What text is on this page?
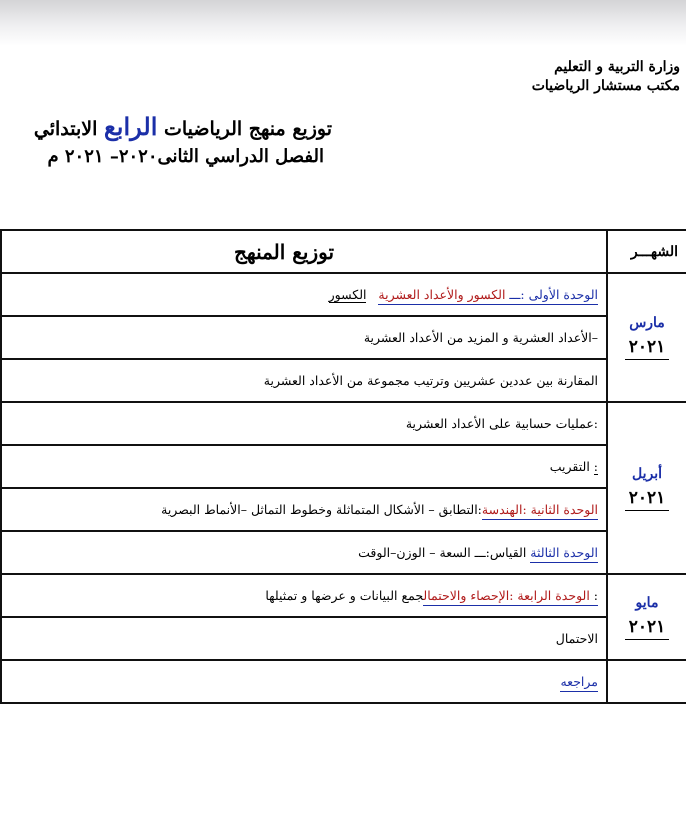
وزارة التربية و التعليم
مكتب مستشار الرياضيات
توزيع منهج الرياضيات الرابع الابتدائي
الفصل الدراسي الثانى٢٠٢٠– ٢٠٢١ م
الشهـــر	توزيع المنهج

مارس
٢٠٢١	الوحدة الأولى :ـــ الكسور والأعداد العشرية   الكسور
	–الأعداد العشرية و المزيد من الأعداد العشرية
	المقارنة بين عددين عشريين وترتيب مجموعة من الأعداد العشرية

أبريل
٢٠٢١	:عمليات حسابية على الأعداد العشرية
	: التقريب
	الوحدة الثانية :الهندسة:التطابق – الأشكال المتماثلة وخطوط التماثل –الأنماط البصرية
	الوحدة الثالثة القياس:ـــ السعة – الوزن–الوقت

مايو
٢٠٢١	: الوحدة الرابعة :الإحصاء والاحتمالجمع البيانات و عرضها و تمثيلها
	الاحتمال
	مراجعه
